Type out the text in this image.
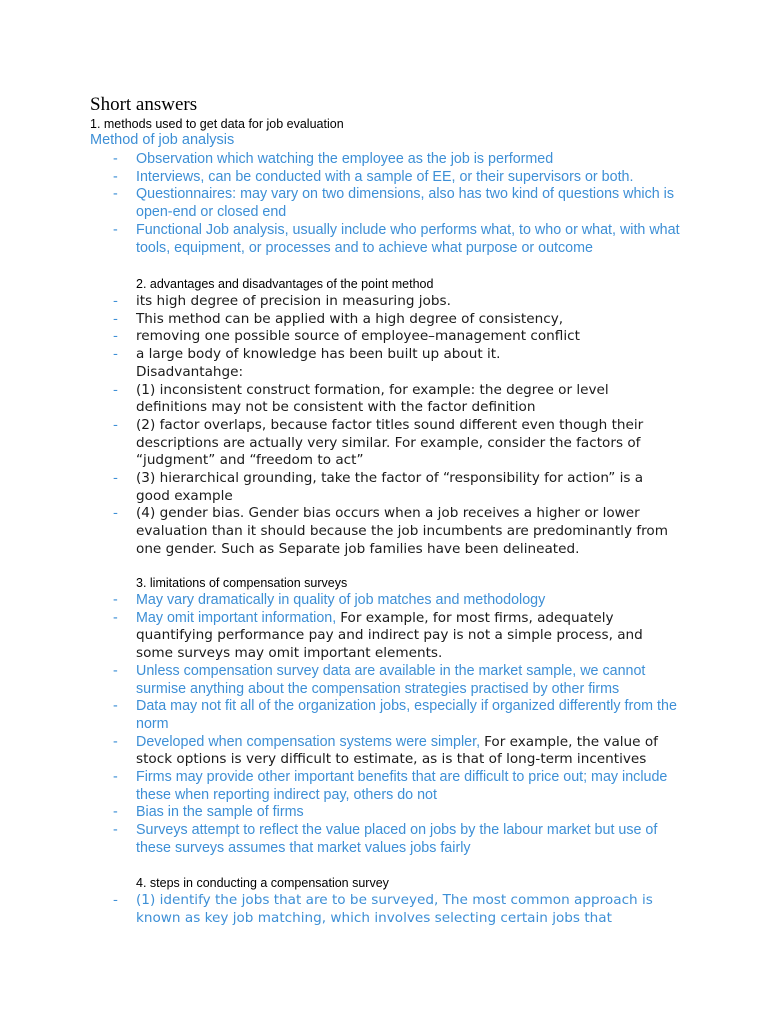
Short answers
1. methods used to get data for job evaluation
Method of job analysis
- Observation which watching the employee as the job is performed
- Interviews, can be conducted with a sample of EE, or their supervisors or both.
- Questionnaires: may vary on two dimensions, also has two kind of questions which is open-end or closed end
- Functional Job analysis, usually include who performs what, to who or what, with what tools, equipment, or processes and to achieve what purpose or outcome
2. advantages and disadvantages of the point method
- its high degree of precision in measuring jobs.
- This method can be applied with a high degree of consistency,
- removing one possible source of employee–management conflict
- a large body of knowledge has been built up about it.
Disadvantahge:
- (1) inconsistent construct formation, for example: the degree or level definitions may not be consistent with the factor definition
- (2) factor overlaps, because factor titles sound different even though their descriptions are actually very similar. For example, consider the factors of “judgment” and “freedom to act”
- (3) hierarchical grounding, take the factor of “responsibility for action” is a good example
- (4) gender bias. Gender bias occurs when a job receives a higher or lower evaluation than it should because the job incumbents are predominantly from one gender. Such as Separate job families have been delineated.
3. limitations of compensation surveys
- May vary dramatically in quality of job matches and methodology
- May omit important information, For example, for most firms, adequately quantifying performance pay and indirect pay is not a simple process, and some surveys may omit important elements.
- Unless compensation survey data are available in the market sample, we cannot surmise anything about the compensation strategies practised by other firms
- Data may not fit all of the organization jobs, especially if organized differently from the norm
- Developed when compensation systems were simpler, For example, the value of stock options is very difficult to estimate, as is that of long-term incentives
- Firms may provide other important benefits that are difficult to price out; may include these when reporting indirect pay, others do not
- Bias in the sample of firms
- Surveys attempt to reflect the value placed on jobs by the labour market but use of these surveys assumes that market values jobs fairly
4. steps in conducting a compensation survey
- (1) identify the jobs that are to be surveyed, The most common approach is known as key job matching, which involves selecting certain jobs that
